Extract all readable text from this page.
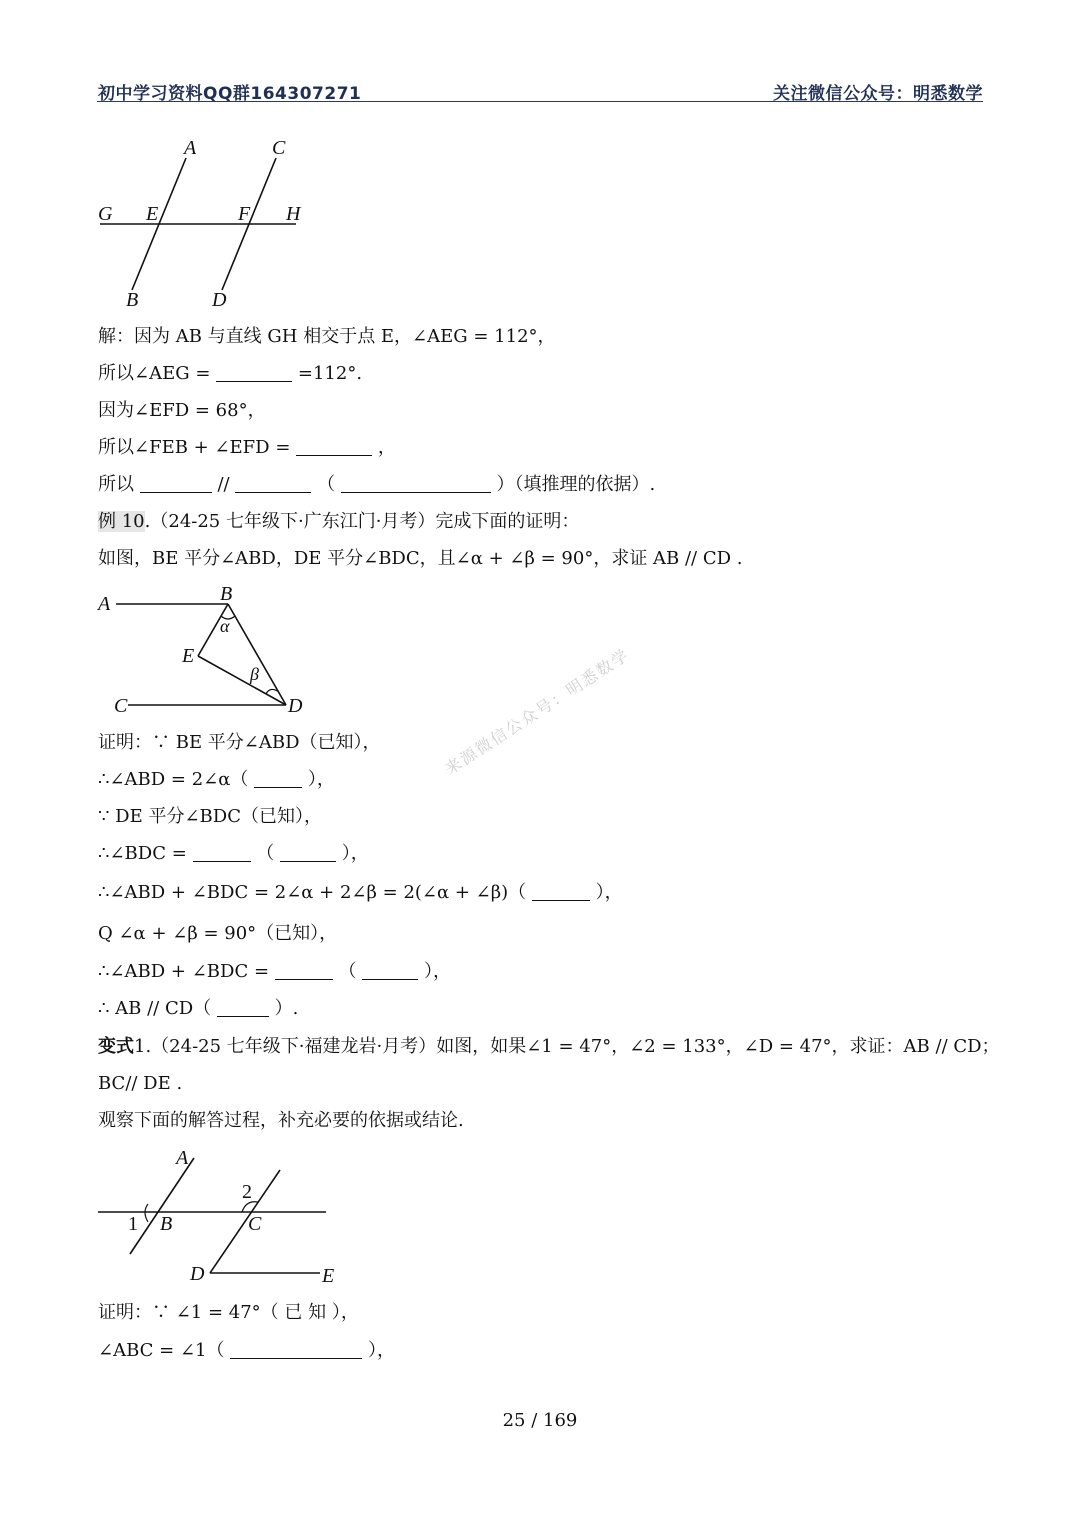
初中学习资料QQ群164307271	关注微信公众号：明悉数学
A	C
G E	F H
B	D
解：因为 AB 与直线 GH 相交于点 E，∠AEG = 112°，
所以∠AEG =	=112°.
因为∠EFD = 68°，
所以∠FEB + ∠EFD =	，
所以	//	（	）（填推理的依据）.
例 10.（24-25 七年级下·广东江门·月考）完成下面的证明：
如图，BE 平分∠ABD，DE 平分∠BDC，且∠α + ∠β = 90°，求证 AB // CD .
A	B
α
E
β
C	D	来源微信公众号：明悉数学
证明：∵ BE 平分∠ABD（已知），
∴∠ABD = 2∠α（	），
∵ DE 平分∠BDC（已知），
∴∠BDC =	（	），
∴∠ABD + ∠BDC = 2∠α + 2∠β = 2(∠α + ∠β)（	），
Q ∠α + ∠β = 90°（已知），
∴∠ABD + ∠BDC =	（	），
∴ AB // CD（	）.
变式1.（24-25 七年级下·福建龙岩·月考）如图，如果∠1 = 47°，∠2 = 133°，∠D = 47°，求证：AB // CD；
BC// DE .
观察下面的解答过程，补充必要的依据或结论.
A
2
1 B	C
D	E
证明：∵ ∠1 = 47°（ 已 知 ），
∠ABC = ∠1（	），
25 / 169
